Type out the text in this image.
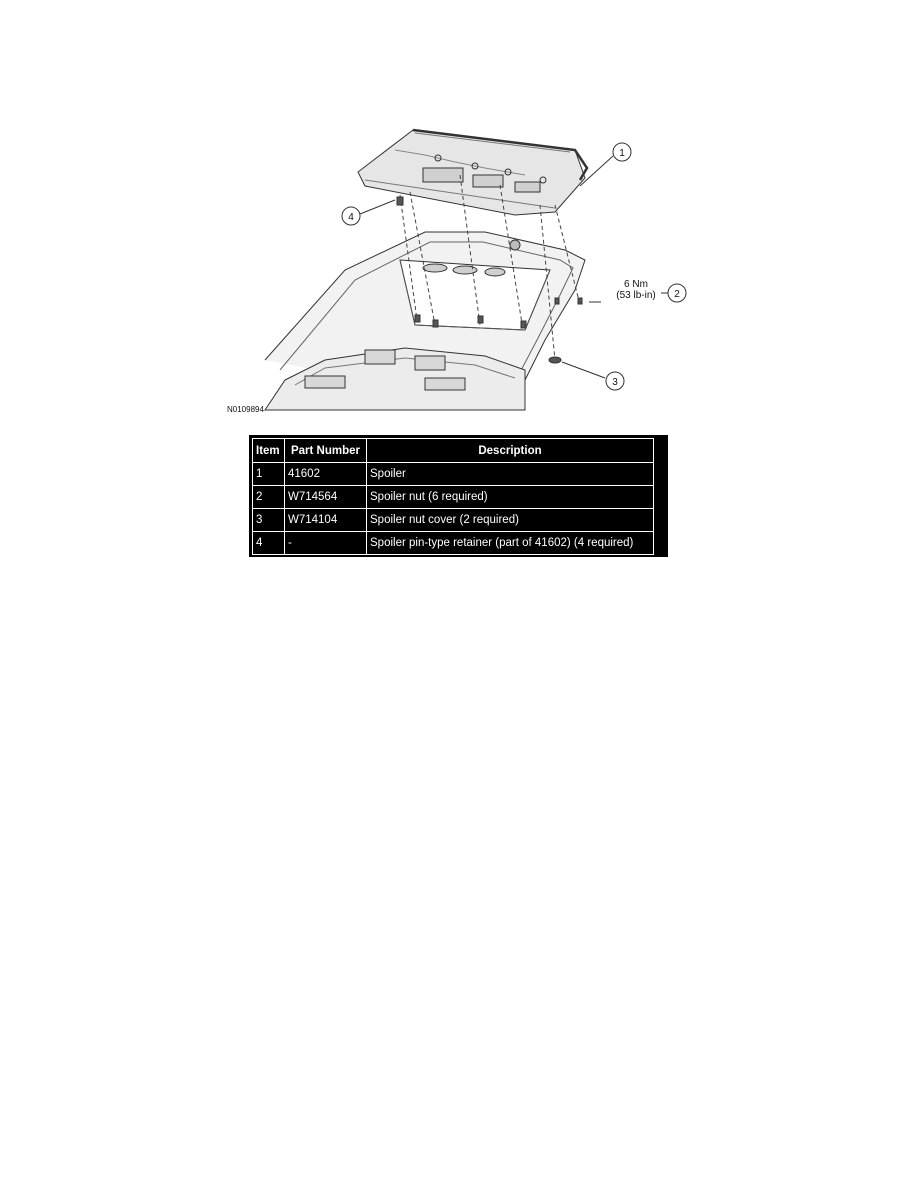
1
4
6 Nm
(53 lb-in) 2
3
N0109894
Item	Part Number	Description
1	41602	Spoiler
2	W714564	Spoiler nut (6 required)
3	W714104	Spoiler nut cover (2 required)
4	-	Spoiler pin-type retainer (part of 41602) (4 required)
